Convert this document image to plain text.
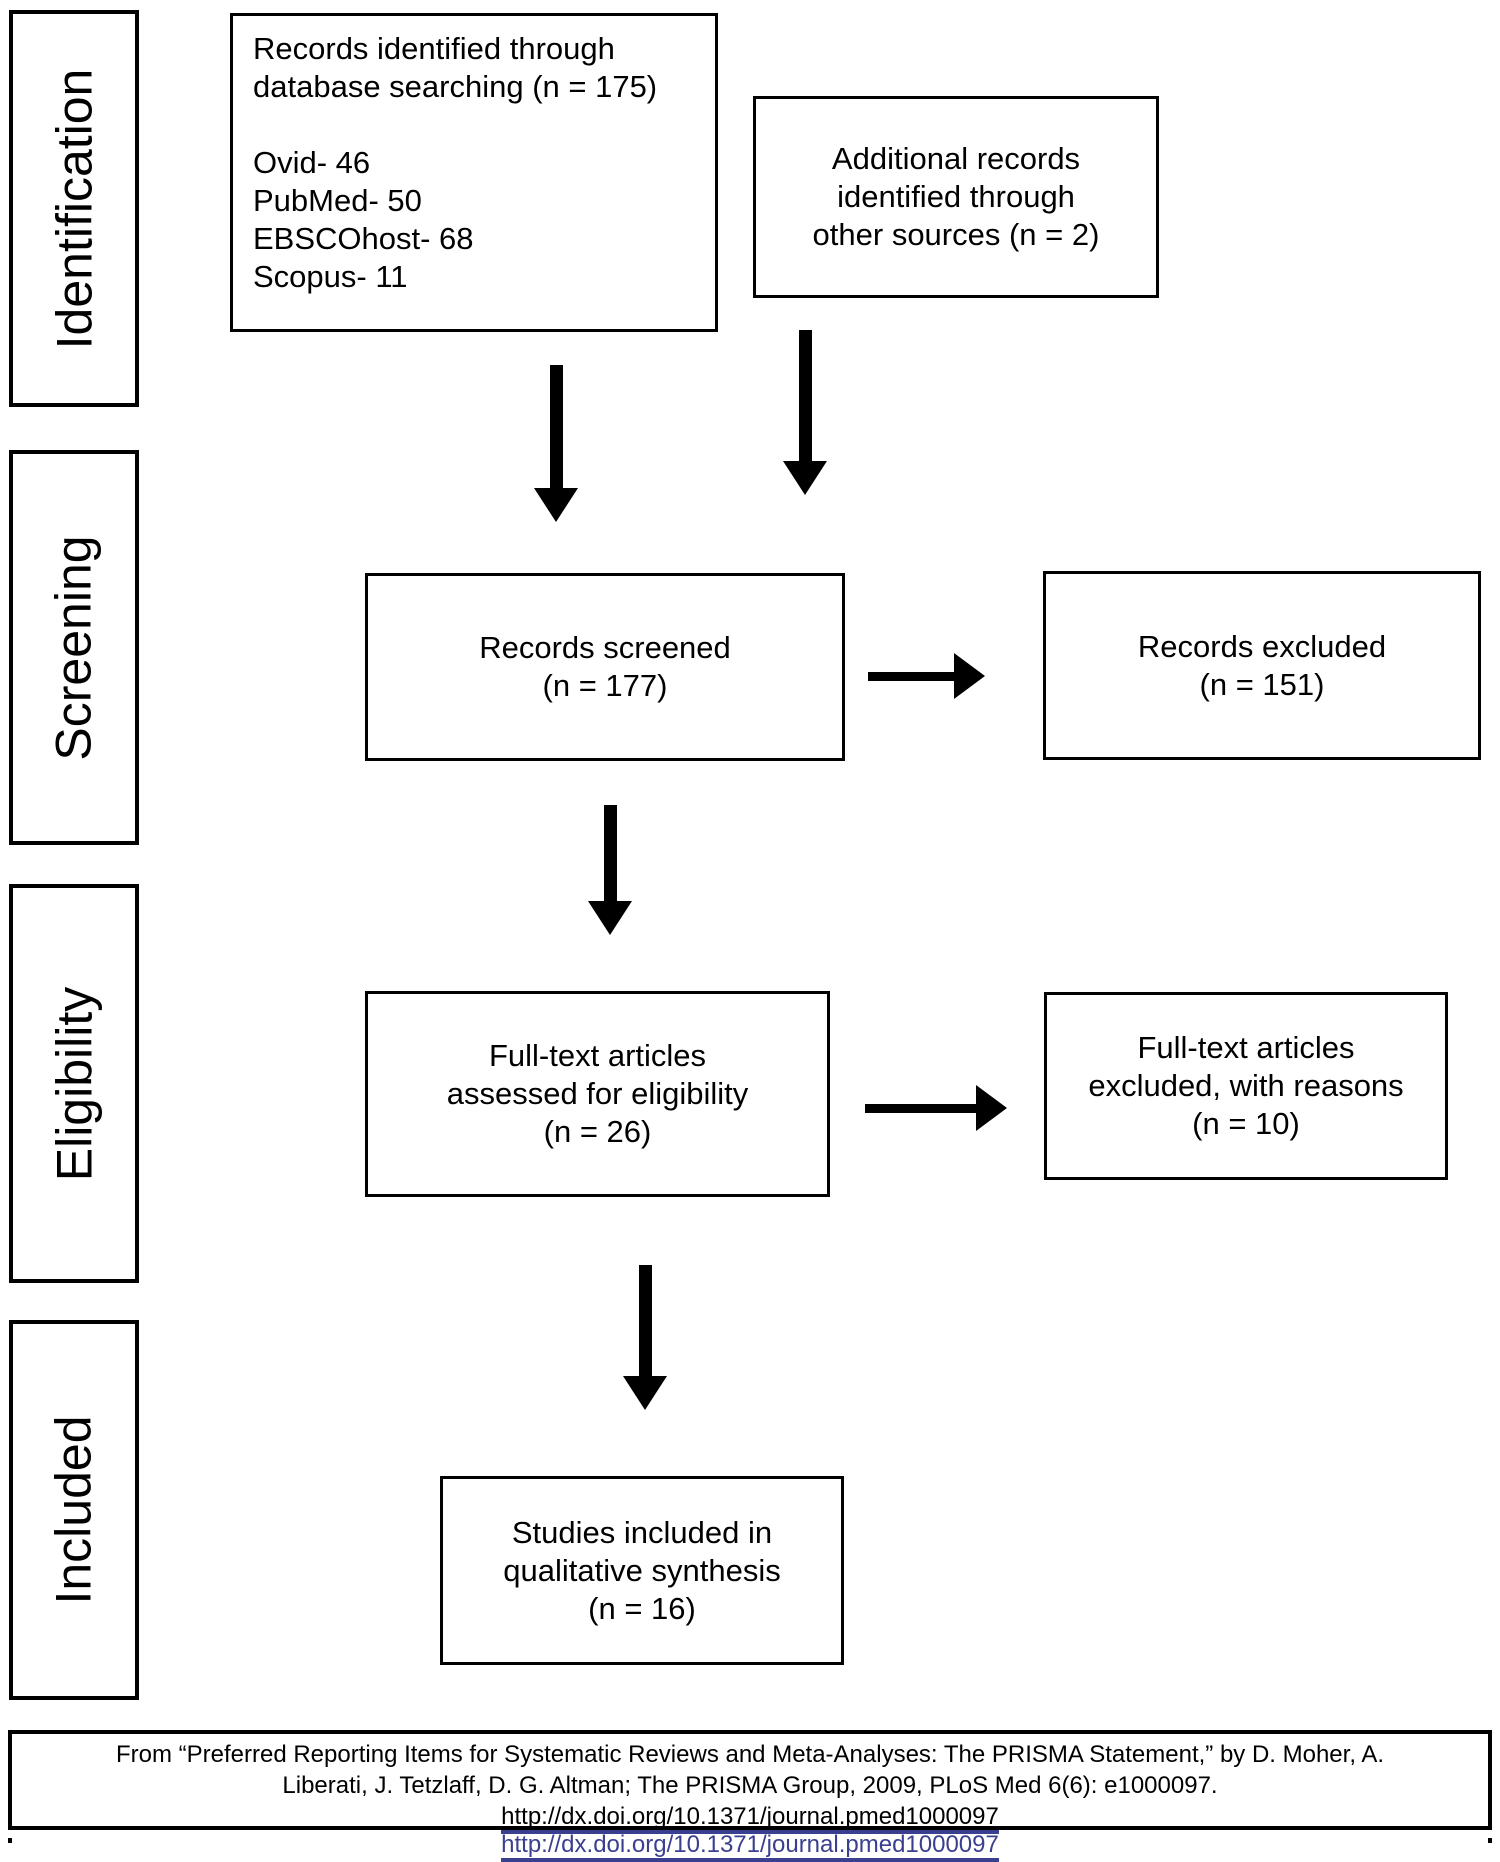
Identification
Screening
Eligibility
Included
Records identified through
database searching (n = 175)
Ovid- 46
PubMed- 50
EBSCOhost- 68
Scopus- 11
Additional records
identified through
other sources (n = 2)
Records screened
(n = 177)
Records excluded
(n = 151)
Full-text articles
assessed for eligibility
(n = 26)
Full-text articles
excluded, with reasons
(n = 10)
Studies included in
qualitative synthesis
(n = 16)
From “Preferred Reporting Items for Systematic Reviews and Meta-Analyses: The PRISMA Statement,” by D. Moher, A.
Liberati, J. Tetzlaff, D. G. Altman; The PRISMA Group, 2009, PLoS Med 6(6): e1000097.
http://dx.doi.org/10.1371/journal.pmed1000097
http://dx.doi.org/10.1371/journal.pmed1000097
